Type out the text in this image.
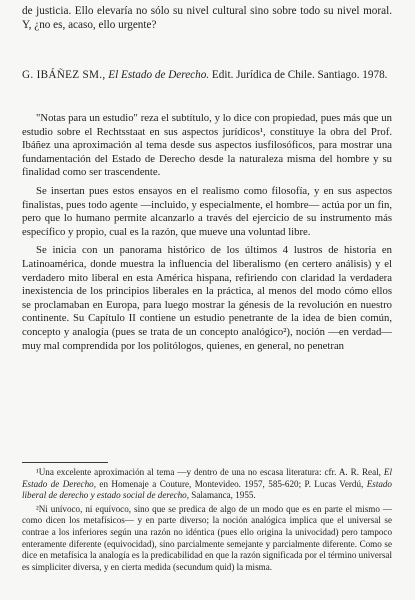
de justicia. Ello elevaría no sólo su nivel cultural sino sobre todo su nivel moral. Y, ¿no es, acaso, ello urgente?

G. IBÁÑEZ SM., El Estado de Derecho. Edit. Jurídica de Chile. Santiago. 1978.

"Notas para un estudio" reza el subtítulo, y lo dice con propiedad, pues más que un estudio sobre el Rechtsstaat en sus aspectos jurídicos¹, constituye la obra del Prof. Ibáñez una aproximación al tema desde sus aspectos iusfilosóficos, para mostrar una fundamentación del Estado de Derecho desde la naturaleza misma del hombre y su finalidad como ser trascendente.

Se insertan pues estos ensayos en el realismo como filosofía, y en sus aspectos finalistas, pues todo agente —incluido, y especialmente, el hombre— actúa por un fin, pero que lo humano permite alcanzarlo a través del ejercicio de su instrumento más específico y propio, cual es la razón, que mueve una voluntad libre.

Se inicia con un panorama histórico de los últimos 4 lustros de historia en Latinoamérica, donde muestra la influencia del liberalismo (en certero análisis) y el verdadero mito liberal en esta América hispana, refiriendo con claridad la verdadera inexistencia de los principios liberales en la práctica, al menos del modo cómo ellos se proclamaban en Europa, para luego mostrar la génesis de la revolución en nuestro continente. Su Capítulo II contiene un estudio penetrante de la idea de bien común, concepto y analogía (pues se trata de un concepto analógico²), noción —en verdad— muy mal comprendida por los politólogos, quienes, en general, no penetran

¹Una excelente aproximación al tema —y dentro de una no escasa literatura: cfr. A. R. Real, El Estado de Derecho, en Homenaje a Couture, Montevideo. 1957, 585-620; P. Lucas Verdú, Estado liberal de derecho y estado social de derecho, Salamanca, 1955.

²Ni unívoco, ni equívoco, sino que se predica de algo de un modo que es en parte el mismo —como dicen los metafísicos— y en parte diverso; la noción analógica implica que el universal se contrae a los inferiores según una razón no idéntica (pues ello origina la univocidad) pero tampoco enteramente diferente (equivocidad), sino parcialmente semejante y parcialmente diferente. Como se dice en metafísica la analogía es la predicabilidad en que la razón significada por el término universal es simpliciter diversa, y en cierta medida (secundum quid) la misma.
